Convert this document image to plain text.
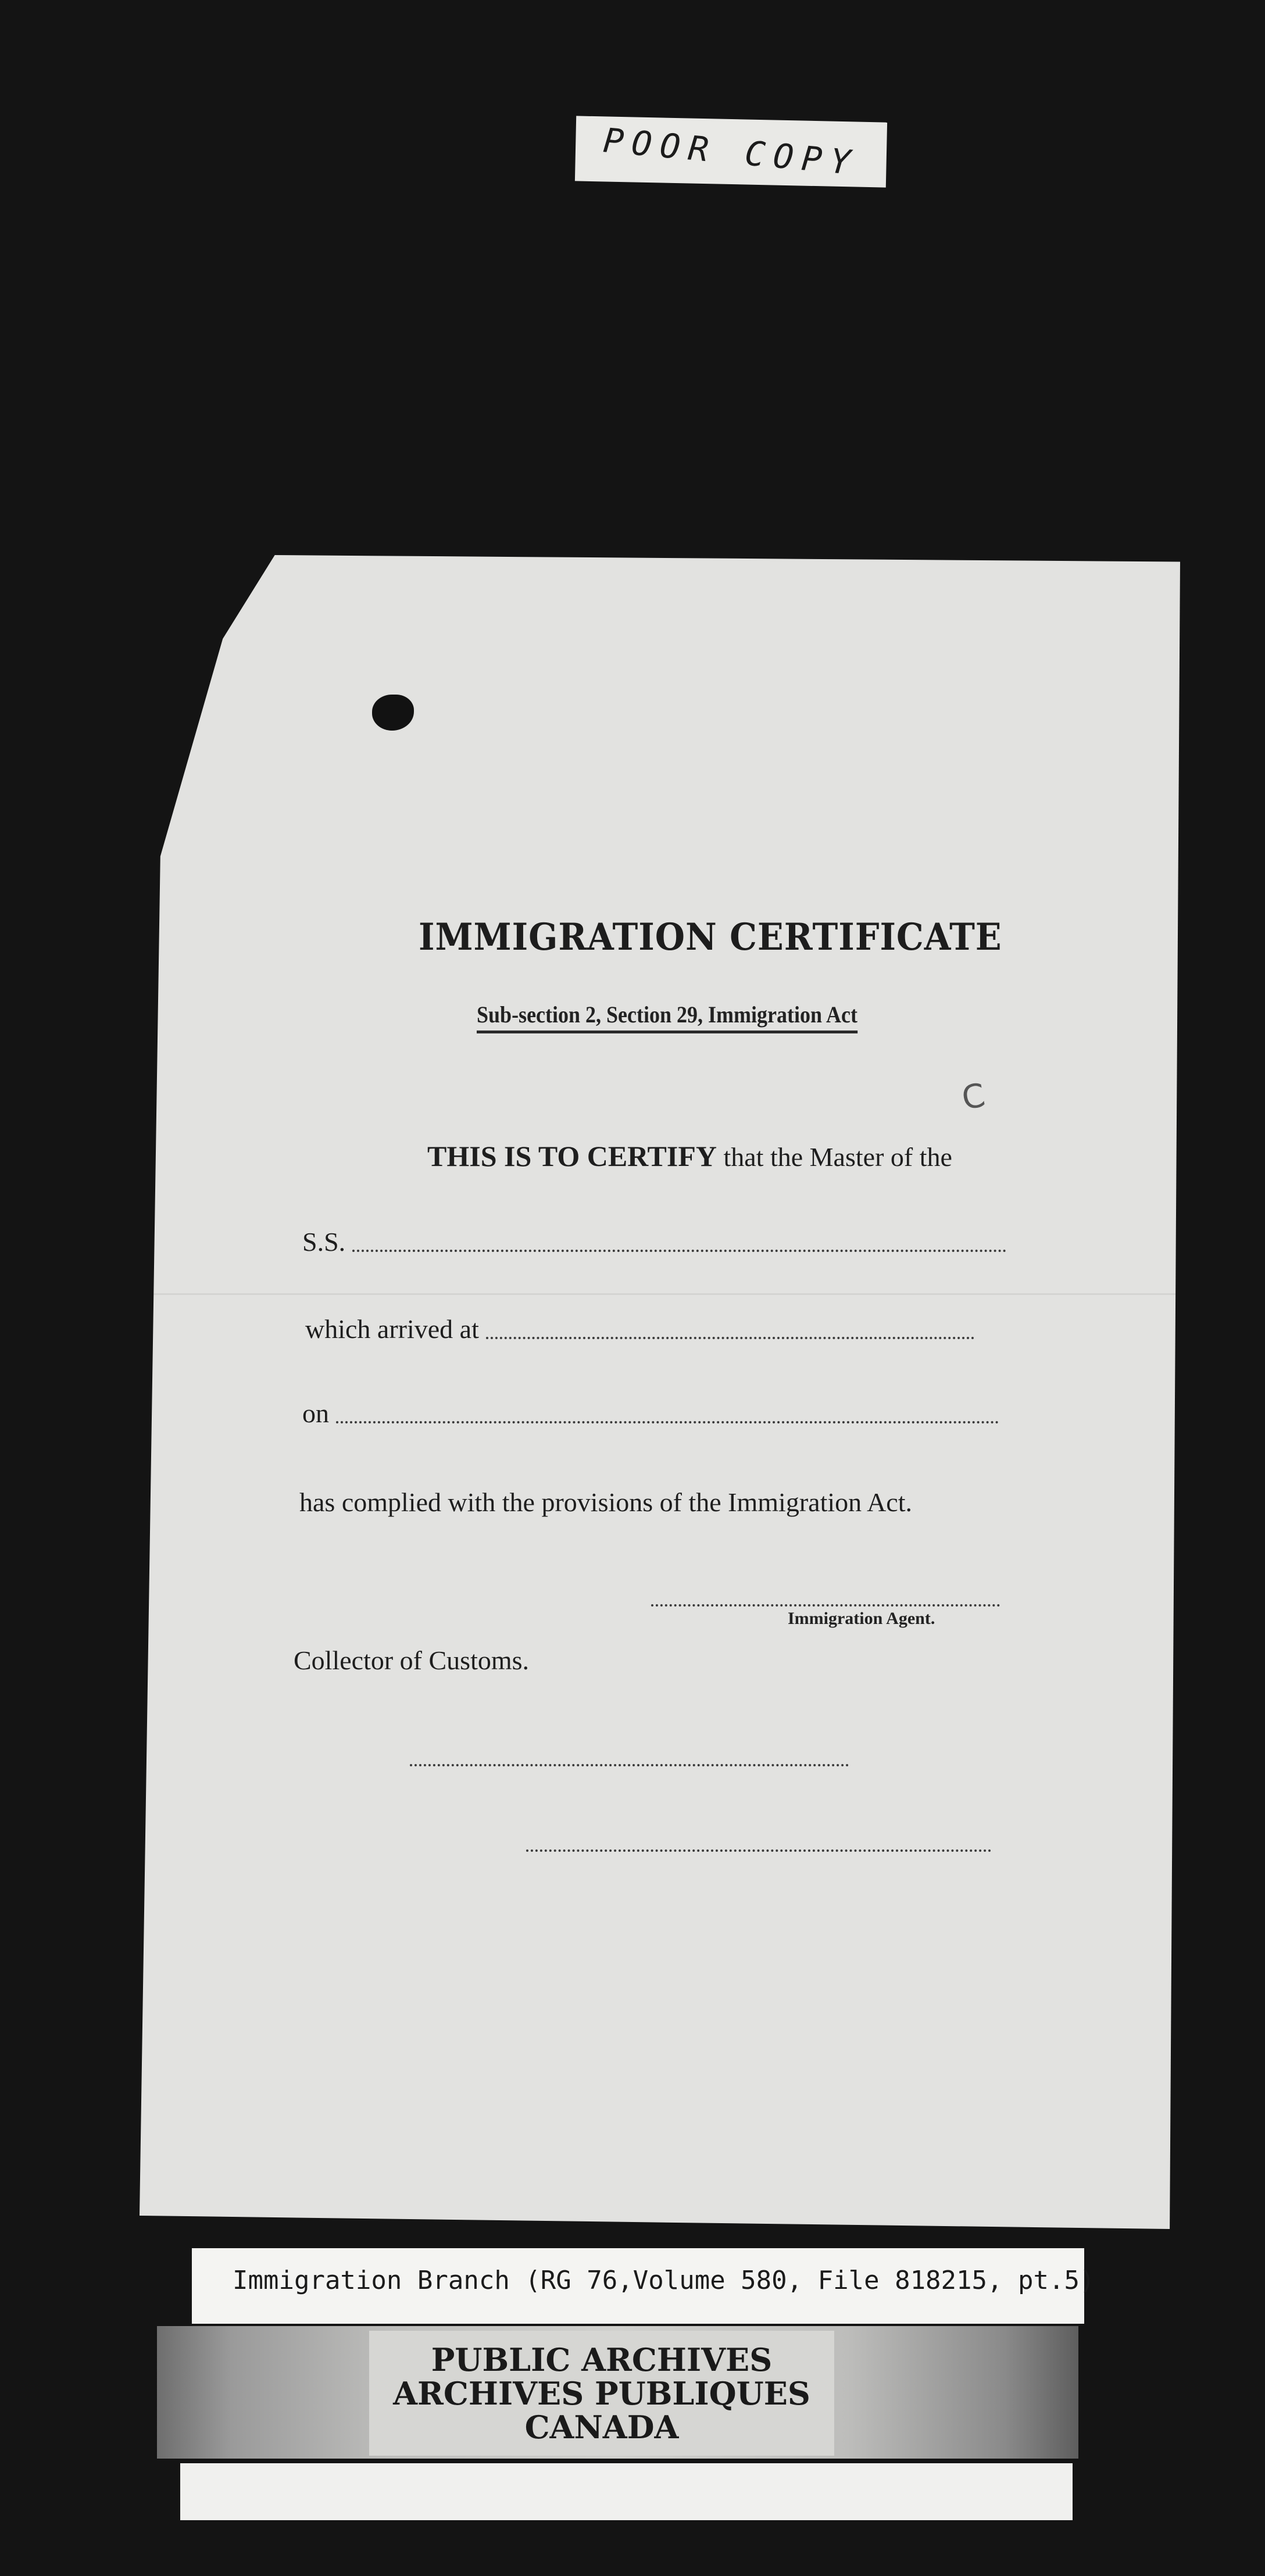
POOR COPY
IMMIGRATION CERTIFICATE
Sub-section 2, Section 29, Immigration Act
C
THIS IS TO CERTIFY that the Master of the
S.S.
which arrived at
on
has complied with the provisions of the Immigration Act.
Immigration Agent.
Collector of Customs.
Immigration Branch (RG 76,Volume 580, File 818215, pt.5)
PUBLIC ARCHIVES
ARCHIVES PUBLIQUES
CANADA
